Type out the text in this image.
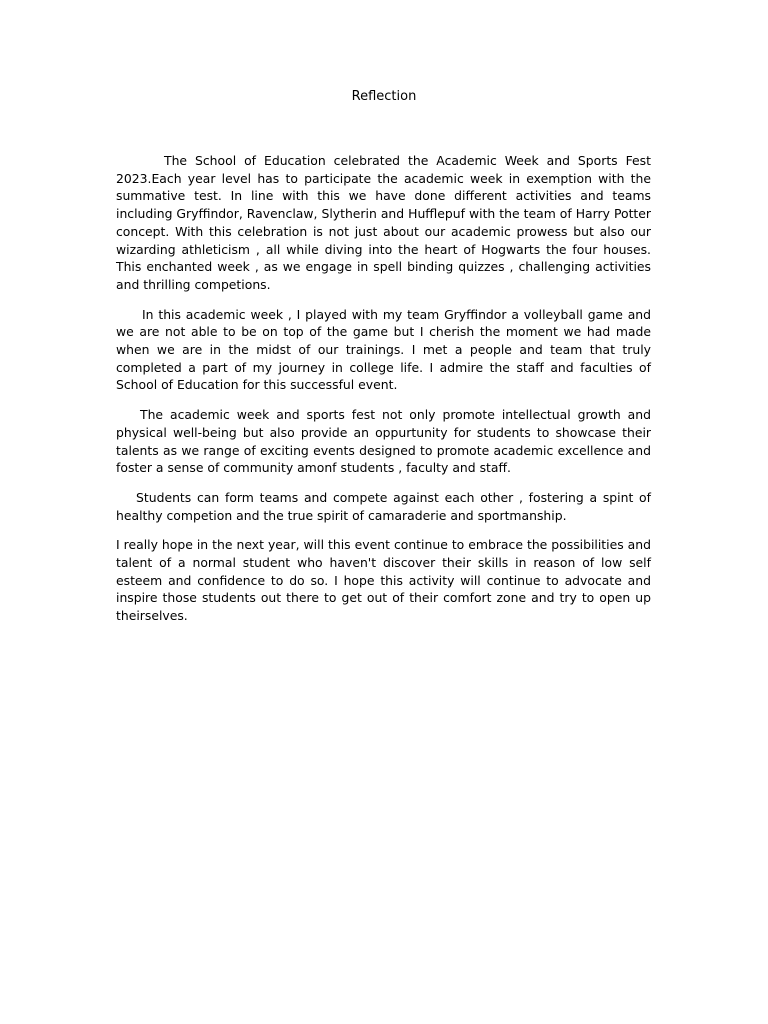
Reflection

The School of Education celebrated the Academic Week and Sports Fest 2023.Each year level has to participate the academic week in exemption with the summative test. In line with this we have done different activities and teams including Gryffindor, Ravenclaw, Slytherin and Hufflepuf with the team of Harry Potter concept. With this celebration is not just about our academic prowess but also our wizarding athleticism , all while diving into the heart of Hogwarts the four houses. This enchanted week , as we engage in spell binding quizzes , challenging activities and thrilling competions.

In this academic week , I played with my team Gryffindor a volleyball game and we are not able to be on top of the game but I cherish the moment we had made when we are in the midst of our trainings. I met a people and team that truly completed a part of my journey in college life. I admire the staff and faculties of School of Education for this successful event.

The academic week and sports fest not only promote intellectual growth and physical well-being but also provide an oppurtunity for students to showcase their talents as we range of exciting events designed to promote academic excellence and foster a sense of community amonf students , faculty and staff.

Students can form teams and compete against each other , fostering a spint of healthy competion and the true spirit of camaraderie and sportmanship.

I really hope in the next year, will this event continue to embrace the possibilities and talent of a normal student who haven't discover their skills in reason of low self esteem and confidence to do so. I hope this activity will continue to advocate and inspire those students out there to get out of their comfort zone and try to open up theirselves.
